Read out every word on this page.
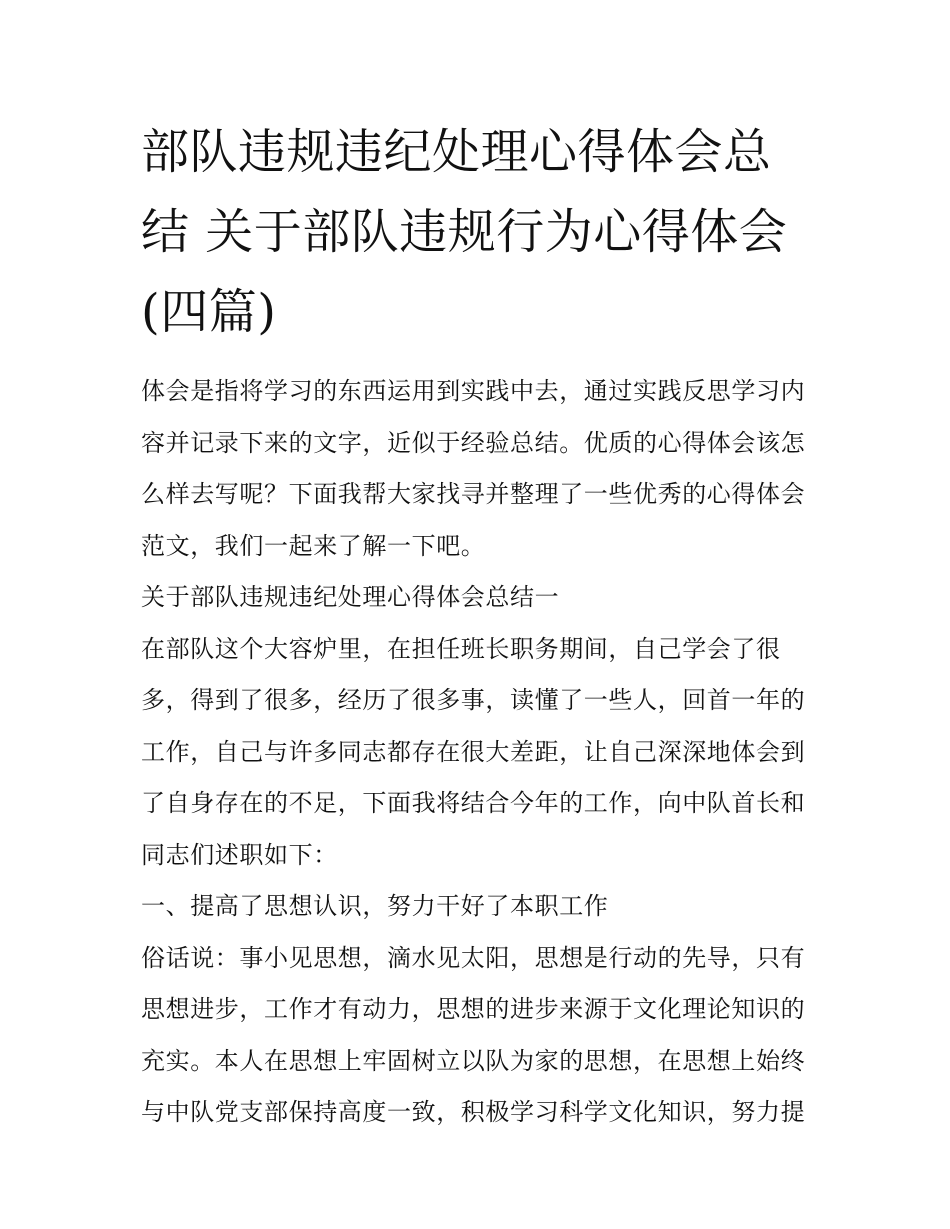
部队违规违纪处理心得体会总
结 关于部队违规行为心得体会
(四篇)
体会是指将学习的东西运用到实践中去，通过实践反思学习内
容并记录下来的文字，近似于经验总结。优质的心得体会该怎
么样去写呢？下面我帮大家找寻并整理了一些优秀的心得体会
范文，我们一起来了解一下吧。
关于部队违规违纪处理心得体会总结一
在部队这个大容炉里，在担任班长职务期间，自己学会了很
多，得到了很多，经历了很多事，读懂了一些人，回首一年的
工作，自己与许多同志都存在很大差距，让自己深深地体会到
了自身存在的不足，下面我将结合今年的工作，向中队首长和
同志们述职如下：
一、提高了思想认识，努力干好了本职工作
俗话说：事小见思想，滴水见太阳，思想是行动的先导，只有
思想进步，工作才有动力，思想的进步来源于文化理论知识的
充实。本人在思想上牢固树立以队为家的思想，在思想上始终
与中队党支部保持高度一致，积极学习科学文化知识，努力提
